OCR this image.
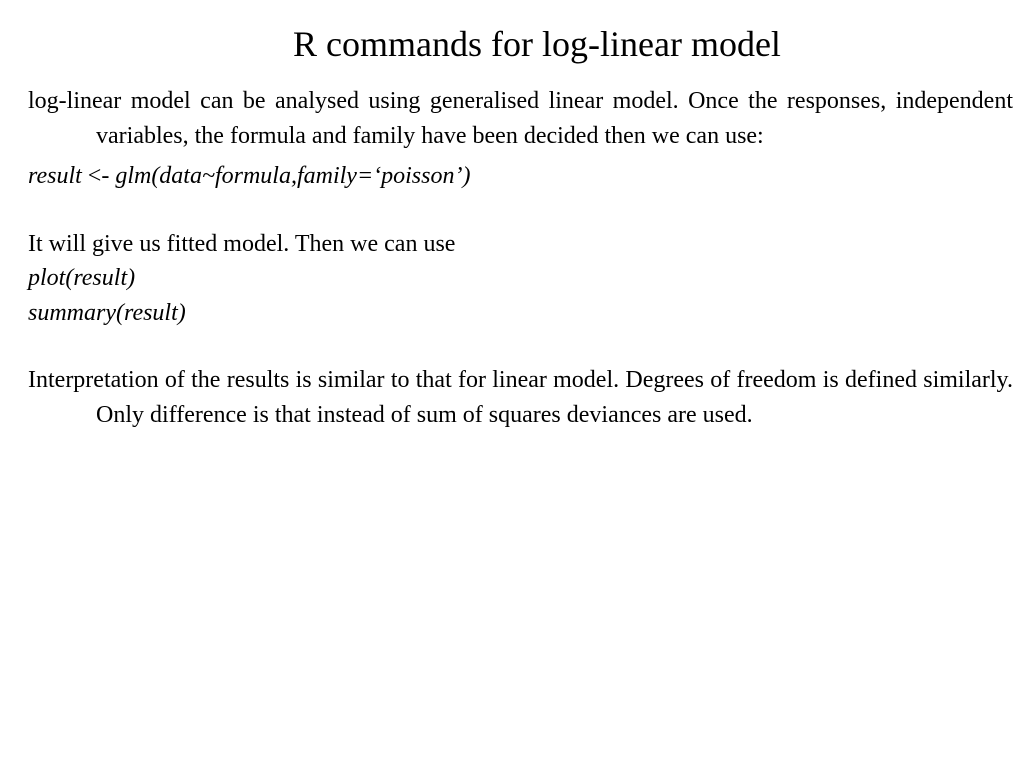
R commands for log-linear model

log-linear model can be analysed using generalised linear model. Once the responses, independent variables, the formula and family have been decided then we can use:

result <- glm(data~formula,family=‘poisson’)

It will give us fitted model. Then we can use

plot(result)

summary(result)

Interpretation of the results is similar to that for linear model. Degrees of freedom is defined similarly. Only difference is that instead of sum of squares deviances are used.
